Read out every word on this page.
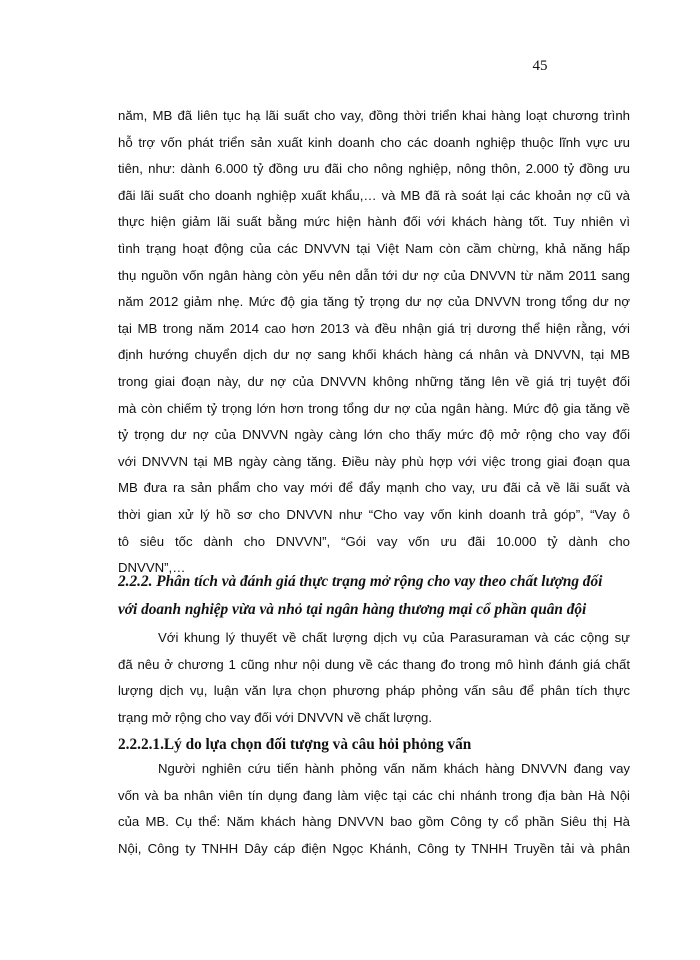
45
năm, MB đã liên tục hạ lãi suất cho vay, đồng thời triển khai hàng loạt chương trình
hỗ trợ vốn phát triển sản xuất kinh doanh cho các doanh nghiệp thuộc lĩnh vực ưu
tiên, như: dành 6.000 tỷ đồng ưu đãi cho nông nghiệp, nông thôn, 2.000 tỷ đồng ưu
đãi lãi suất cho doanh nghiệp xuất khẩu,… và MB đã rà soát lại các khoản nợ cũ và
thực hiện giảm lãi suất bằng mức hiện hành đối với khách hàng tốt. Tuy nhiên vì
tình trạng hoạt động của các DNVVN tại Việt Nam còn cầm chừng, khả năng hấp
thụ nguồn vốn ngân hàng còn yếu nên dẫn tới dư nợ của DNVVN từ năm 2011 sang
năm 2012 giảm nhẹ. Mức độ gia tăng tỷ trọng dư nợ của DNVVN trong tổng dư nợ
tại MB trong năm 2014 cao hơn 2013 và đều nhận giá trị dương thể hiện rằng, với
định hướng chuyển dịch dư nợ sang khối khách hàng cá nhân và DNVVN, tại MB
trong giai đoạn này, dư nợ của DNVVN không những tăng lên về giá trị tuyệt đối
mà còn chiếm tỷ trọng lớn hơn trong tổng dư nợ của ngân hàng. Mức độ gia tăng về
tỷ trọng dư nợ của DNVVN ngày càng lớn cho thấy mức độ mở rộng cho vay đối
với DNVVN tại MB ngày càng tăng. Điều này phù hợp với việc trong giai đoạn qua
MB đưa ra sản phẩm cho vay mới để đẩy mạnh cho vay, ưu đãi cả về lãi suất và
thời gian xử lý hồ sơ cho DNVVN như “Cho vay vốn kinh doanh trả góp”, “Vay ô
tô siêu tốc dành cho DNVVN”, “Gói vay vốn ưu đãi 10.000 tỷ dành cho
DNVVN”,…
2.2.2. Phân tích và đánh giá thực trạng mở rộng cho vay theo chất lượng đối
với doanh nghiệp vừa và nhỏ tại ngân hàng thương mại cổ phần quân đội
Với khung lý thuyết về chất lượng dịch vụ của Parasuraman và các cộng sự
đã nêu ở chương 1 cũng như nội dung về các thang đo trong mô hình đánh giá chất
lượng dịch vụ, luận văn lựa chọn phương pháp phỏng vấn sâu để phân tích thực
trạng mở rộng cho vay đối với DNVVN về chất lượng.
2.2.2.1.Lý do lựa chọn đối tượng và câu hỏi phỏng vấn
Người nghiên cứu tiến hành phỏng vấn năm khách hàng DNVVN đang vay
vốn và ba nhân viên tín dụng đang làm việc tại các chi nhánh trong địa bàn Hà Nội
của MB. Cụ thể: Năm khách hàng DNVVN bao gồm Công ty cổ phần Siêu thị Hà
Nội, Công ty TNHH Dây cáp điện Ngọc Khánh, Công ty TNHH Truyền tải và phân
